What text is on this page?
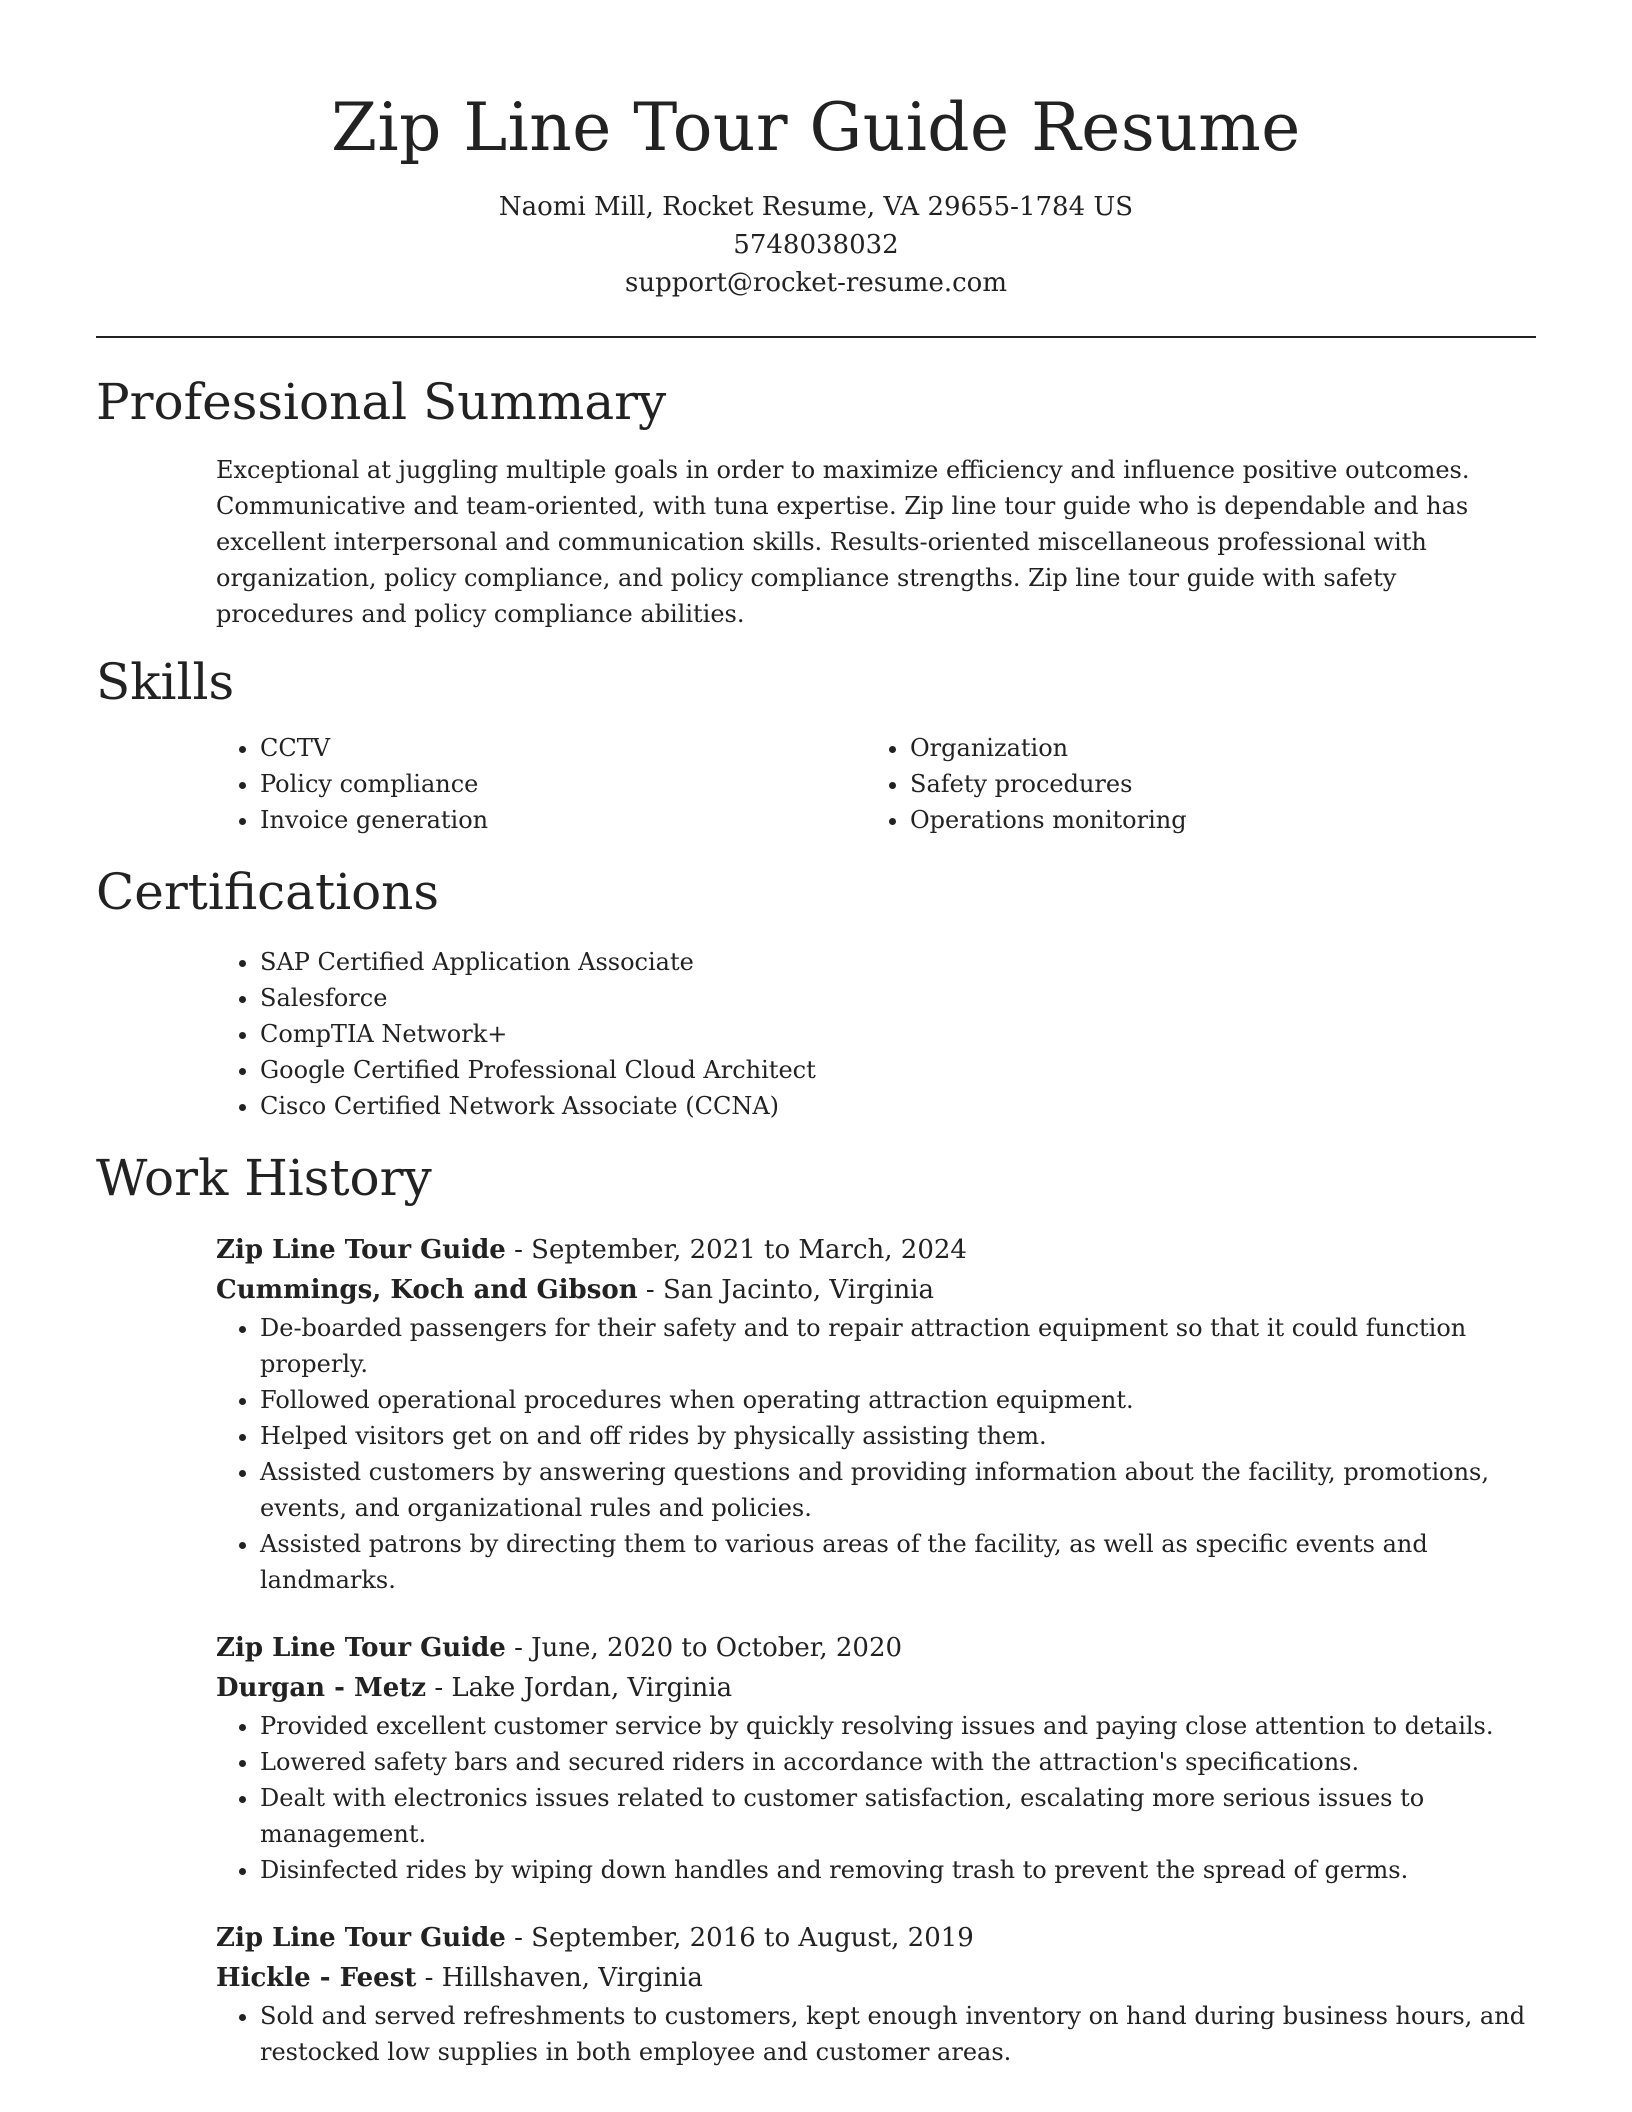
Zip Line Tour Guide Resume
Naomi Mill, Rocket Resume, VA 29655-1784 US
5748038032
support@rocket-resume.com
Professional Summary

Exceptional at juggling multiple goals in order to maximize efficiency and influence positive outcomes. Communicative and team-oriented, with tuna expertise. Zip line tour guide who is dependable and has excellent interpersonal and communication skills. Results-oriented miscellaneous professional with organization, policy compliance, and policy compliance strengths. Zip line tour guide with safety procedures and policy compliance abilities.

Skills
• CCTV
• Policy compliance
• Invoice generation
• Organization
• Safety procedures
• Operations monitoring
Certifications
• SAP Certified Application Associate
• Salesforce
• CompTIA Network+
• Google Certified Professional Cloud Architect
• Cisco Certified Network Associate (CCNA)
Work History
Zip Line Tour Guide - September, 2021 to March, 2024
Cummings, Koch and Gibson - San Jacinto, Virginia
• De-boarded passengers for their safety and to repair attraction equipment so that it could function properly.
• Followed operational procedures when operating attraction equipment.
• Helped visitors get on and off rides by physically assisting them.
• Assisted customers by answering questions and providing information about the facility, promotions, events, and organizational rules and policies.
• Assisted patrons by directing them to various areas of the facility, as well as specific events and landmarks.
Zip Line Tour Guide - June, 2020 to October, 2020
Durgan - Metz - Lake Jordan, Virginia
• Provided excellent customer service by quickly resolving issues and paying close attention to details.
• Lowered safety bars and secured riders in accordance with the attraction's specifications.
• Dealt with electronics issues related to customer satisfaction, escalating more serious issues to management.
• Disinfected rides by wiping down handles and removing trash to prevent the spread of germs.
Zip Line Tour Guide - September, 2016 to August, 2019
Hickle - Feest - Hillshaven, Virginia
• Sold and served refreshments to customers, kept enough inventory on hand during business hours, and restocked low supplies in both employee and customer areas.
